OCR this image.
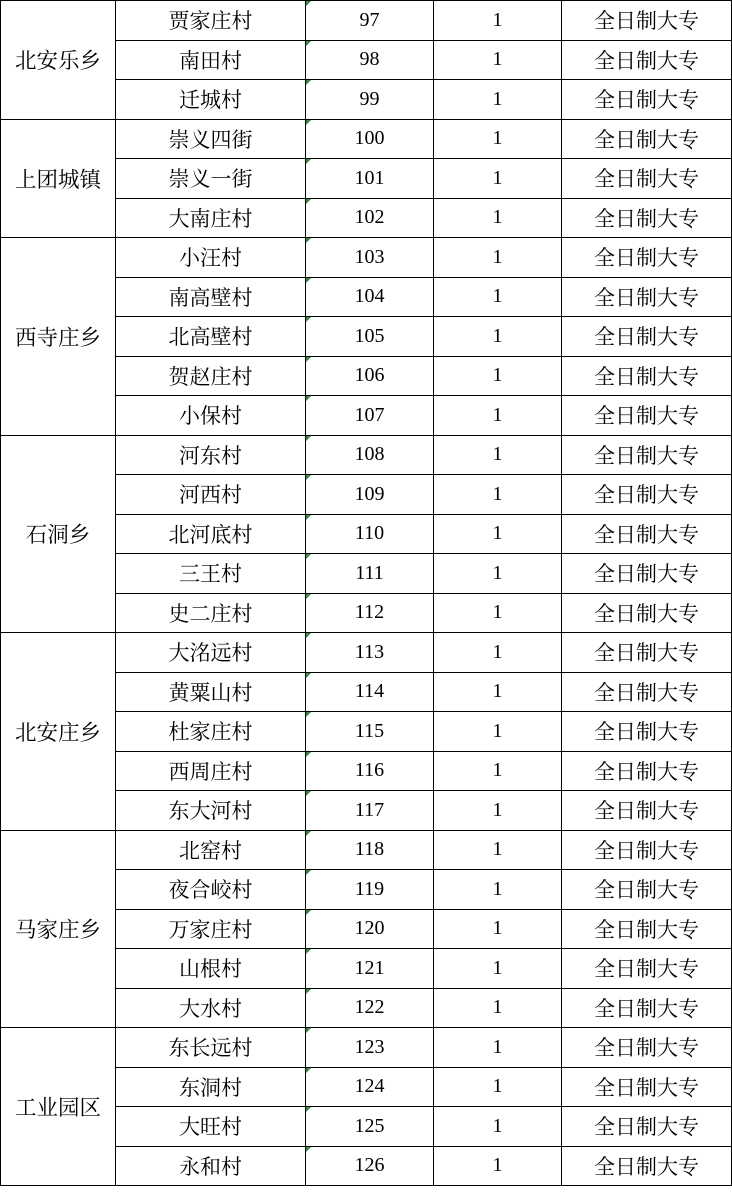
北安乐乡	贾家庄村	97	1	全日制大专
	南田村	98	1	全日制大专
	迁城村	99	1	全日制大专
上团城镇	崇义四街	100	1	全日制大专
	崇义一街	101	1	全日制大专
	大南庄村	102	1	全日制大专
西寺庄乡	小汪村	103	1	全日制大专
	南高壁村	104	1	全日制大专
	北高壁村	105	1	全日制大专
	贺赵庄村	106	1	全日制大专
	小保村	107	1	全日制大专
石洞乡	河东村	108	1	全日制大专
	河西村	109	1	全日制大专
	北河底村	110	1	全日制大专
	三王村	111	1	全日制大专
	史二庄村	112	1	全日制大专
北安庄乡	大洺远村	113	1	全日制大专
	黄粟山村	114	1	全日制大专
	杜家庄村	115	1	全日制大专
	西周庄村	116	1	全日制大专
	东大河村	117	1	全日制大专
马家庄乡	北窑村	118	1	全日制大专
	夜合峧村	119	1	全日制大专
	万家庄村	120	1	全日制大专
	山根村	121	1	全日制大专
	大水村	122	1	全日制大专
工业园区	东长远村	123	1	全日制大专
	东洞村	124	1	全日制大专
	大旺村	125	1	全日制大专
	永和村	126	1	全日制大专
